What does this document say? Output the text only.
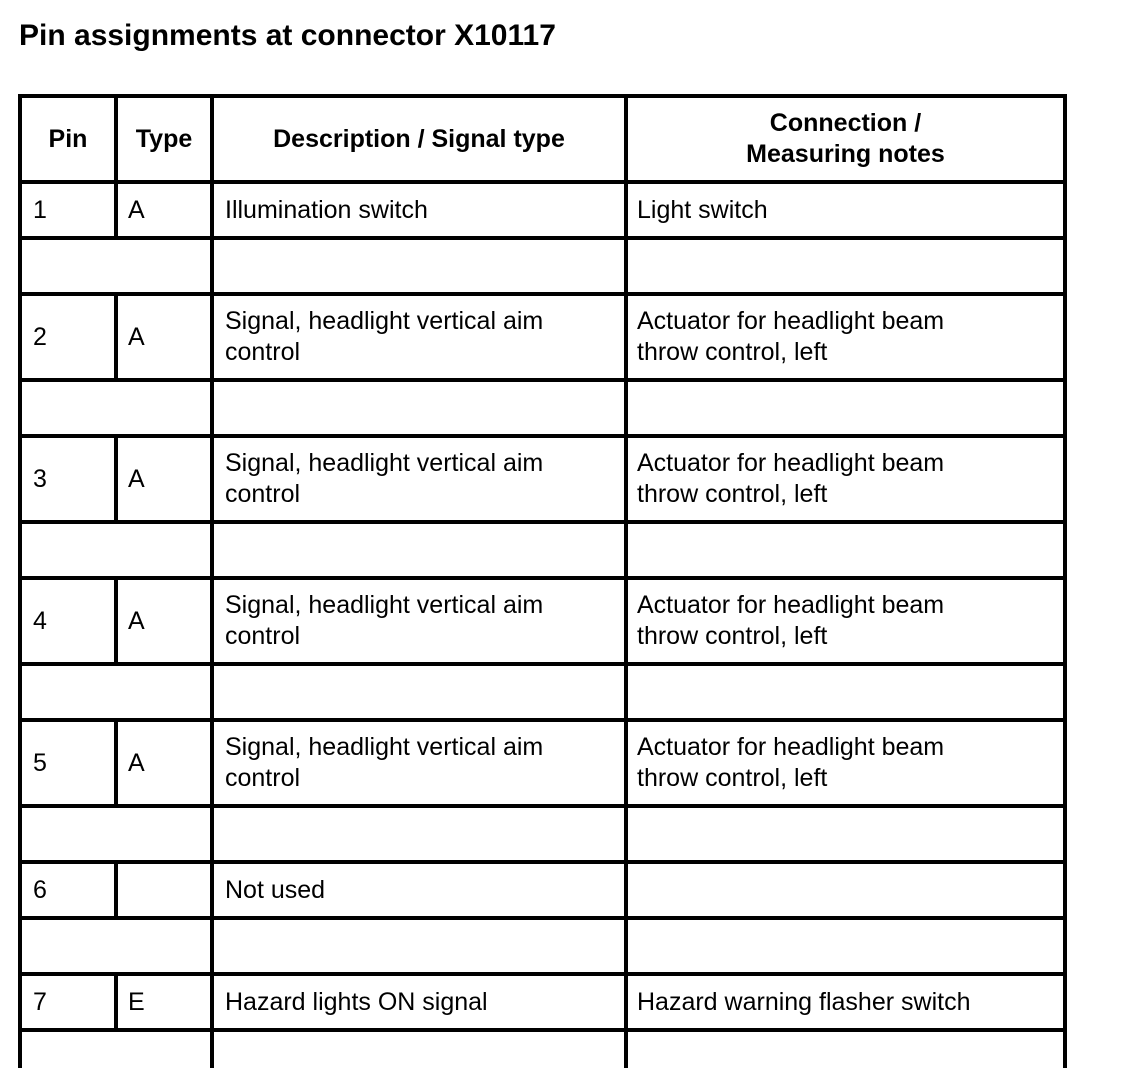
Pin assignments at connector X10117
Pin	Type	Description / Signal type	Connection /
Measuring notes
1	A	Illumination switch	Light switch

2	A	Signal, headlight vertical aim
control	Actuator for headlight beam
throw control, left

3	A	Signal, headlight vertical aim
control	Actuator for headlight beam
throw control, left

4	A	Signal, headlight vertical aim
control	Actuator for headlight beam
throw control, left

5	A	Signal, headlight vertical aim
control	Actuator for headlight beam
throw control, left

6		Not used	

7	E	Hazard lights ON signal	Hazard warning flasher switch
